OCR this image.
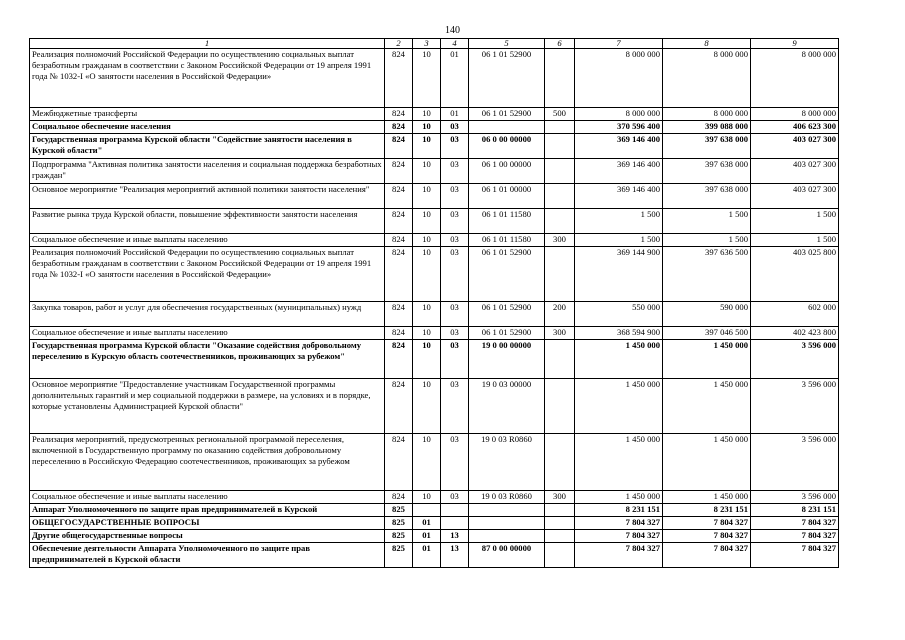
140
1	2	3	4	5	6	7	8	9
Реализация полномочий Российской Федерации по осуществлению социальных выплат безработным гражданам в соответствии с Законом Российской Федерации от 19 апреля 1991 года № 1032-I «О занятости населения в Российской Федерации»	824	10	01	06 1 01 52900		8 000 000	8 000 000	8 000 000
Межбюджетные трансферты	824	10	01	06 1 01 52900	500	8 000 000	8 000 000	8 000 000
Социальное обеспечение населения	824	10	03			370 596 400	399 088 000	406 623 300
Государственная программа Курской области "Содействие занятости населения в Курской области"	824	10	03	06 0 00 00000		369 146 400	397 638 000	403 027 300
Подпрограмма "Активная политика занятости населения и социальная поддержка безработных граждан"	824	10	03	06 1 00 00000		369 146 400	397 638 000	403 027 300
Основное мероприятие "Реализация мероприятий активной политики занятости населения"	824	10	03	06 1 01 00000		369 146 400	397 638 000	403 027 300
Развитие рынка труда Курской области, повышение эффективности занятости населения	824	10	03	06 1 01 11580		1 500	1 500	1 500
Социальное обеспечение и иные выплаты населению	824	10	03	06 1 01 11580	300	1 500	1 500	1 500
Реализация полномочий Российской Федерации по осуществлению социальных выплат безработным гражданам в соответствии с Законом Российской Федерации от 19 апреля 1991 года № 1032-I «О занятости населения в Российской Федерации»	824	10	03	06 1 01 52900		369 144 900	397 636 500	403 025 800
Закупка товаров, работ и услуг для обеспечения государственных (муниципальных) нужд	824	10	03	06 1 01 52900	200	550 000	590 000	602 000
Социальное обеспечение и иные выплаты населению	824	10	03	06 1 01 52900	300	368 594 900	397 046 500	402 423 800
Государственная программа Курской области "Оказание содействия добровольному переселению в Курскую область соотечественников, проживающих за рубежом"	824	10	03	19 0 00 00000		1 450 000	1 450 000	3 596 000
Основное мероприятие "Предоставление участникам Государственной программы дополнительных гарантий и мер социальной поддержки в размере, на условиях и в порядке, которые установлены Администрацией Курской области"	824	10	03	19 0 03 00000		1 450 000	1 450 000	3 596 000
Реализация мероприятий, предусмотренных региональной программой переселения, включенной в Государственную программу по оказанию содействия добровольному переселению в Российскую Федерацию соотечественников, проживающих за рубежом	824	10	03	19 0 03 R0860		1 450 000	1 450 000	3 596 000
Социальное обеспечение и иные выплаты населению	824	10	03	19 0 03 R0860	300	1 450 000	1 450 000	3 596 000
Аппарат Уполномоченного по защите прав предпринимателей в Курской	825					8 231 151	8 231 151	8 231 151
ОБЩЕГОСУДАРСТВЕННЫЕ ВОПРОСЫ	825	01				7 804 327	7 804 327	7 804 327
Другие общегосударственные вопросы	825	01	13			7 804 327	7 804 327	7 804 327
Обеспечение деятельности Аппарата Уполномоченного по защите прав предпринимателей в Курской области	825	01	13	87 0 00 00000		7 804 327	7 804 327	7 804 327
